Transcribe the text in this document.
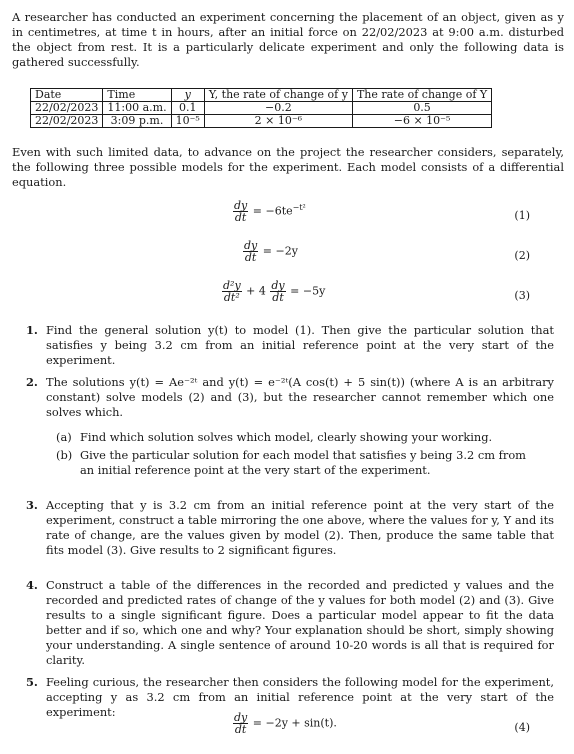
A researcher has conducted an experiment concerning the placement of an object, given as y in centimetres, at time t in hours, after an initial force on 22/02/2023 at 9:00 a.m. disturbed the object from rest. It is a particularly delicate experiment and only the following data is gathered successfully.

Date	Time	y	Y, the rate of change of y	The rate of change of Y
22/02/2023	11:00 a.m.	0.1	−0.2	0.5
22/02/2023	3:09 p.m.	10⁻⁵	2 × 10⁻⁶	−6 × 10⁻⁵

Even with such limited data, to advance on the project the researcher considers, separately, the following three possible models for the experiment. Each model consists of a differential equation.

$\frac{dy}{dt} = -6te^{-t^2}$
(1)
$\frac{dy}{dt} = -2y$	(2)
$\frac{\text{d²y}}{\text{dt²}} + 4 \frac{dy}{dt} = -5y$	(3)
1. Find the general solution y(t) to model (1). Then give the particular solution that satisfies y being 3.2 cm from an initial reference point at the very start of the experiment.
2. The solutions y(t) = Ae⁻²ᵗ and y(t) = e⁻²ᵗ(A cos(t) + 5 sin(t)) (where A is an arbitrary constant) solve models (2) and (3), but the researcher cannot remember which one solves which.
(a) Find which solution solves which model, clearly showing your working.
(b) Give the particular solution for each model that satisfies y being 3.2 cm from an initial reference point at the very start of the experiment.
3. Accepting that y is 3.2 cm from an initial reference point at the very start of the experiment, construct a table mirroring the one above, where the values for y, Y and its rate of change, are the values given by model (2). Then, produce the same table that fits model (3). Give results to 2 significant figures.
4. Construct a table of the differences in the recorded and predicted y values and the recorded and predicted rates of change of the y values for both model (2) and (3). Give results to a single significant figure. Does a particular model appear to fit the data better and if so, which one and why? Your explanation should be short, simply showing your understanding. A single sentence of around 10-20 words is all that is required for clarity.
5. Feeling curious, the researcher then considers the following model for the experiment, accepting y as 3.2 cm from an initial reference point at the very start of the experiment:	$\frac{dy}{dt} = -2y + \sin(t)$.	(4)
